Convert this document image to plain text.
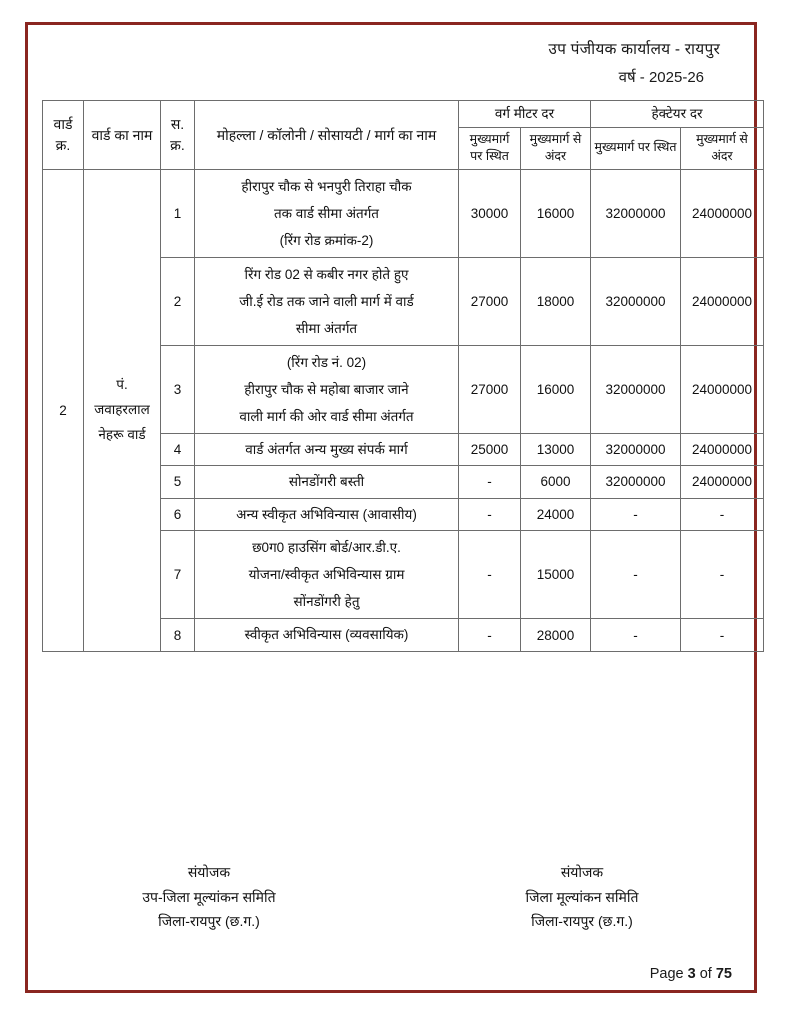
उप पंजीयक कार्यालय - रायपुर
वर्ष - 2025-26
वार्ड क्र.	वार्ड का नाम	स. क्र.	मोहल्ला / कॉलोनी / सोसायटी / मार्ग का नाम	वर्ग मीटर दर		हेक्टेयर दर	
				मुख्यमार्ग पर स्थित	मुख्यमार्ग से अंदर	मुख्यमार्ग पर स्थित	मुख्यमार्ग से अंदर
2	पं. जवाहरलाल नेहरू वार्ड	1	हीरापुर चौक से भनपुरी तिराहा चौक
तक वार्ड सीमा अंतर्गत
(रिंग रोड क्रमांक-2)	30000	16000	32000000	24000000
		2	रिंग रोड 02 से कबीर नगर होते हुए
जी.ई रोड तक जाने वाली मार्ग में वार्ड
सीमा अंतर्गत	27000	18000	32000000	24000000
		3	(रिंग रोड नं. 02)
हीरापुर चौक से महोबा बाजार जाने
वाली मार्ग की ओर वार्ड सीमा अंतर्गत	27000	16000	32000000	24000000
		4	वार्ड अंतर्गत अन्य मुख्य संपर्क मार्ग	25000	13000	32000000	24000000
		5	सोनडोंगरी बस्ती	-	6000	32000000	24000000
		6	अन्य स्वीकृत अभिविन्यास (आवासीय)	-	24000	-	-
		7	छ0ग0 हाउसिंग बोर्ड/आर.डी.ए.
योजना/स्वीकृत अभिविन्यास ग्राम
सोंनडोंगरी हेतु	-	15000	-	-
		8	स्वीकृत अभिविन्यास (व्यवसायिक)	-	28000	-	-
संयोजक
उप-जिला मूल्यांकन समिति
जिला-रायपुर (छ.ग.)
संयोजक
जिला मूल्यांकन समिति
जिला-रायपुर (छ.ग.)
Page 3 of 75
